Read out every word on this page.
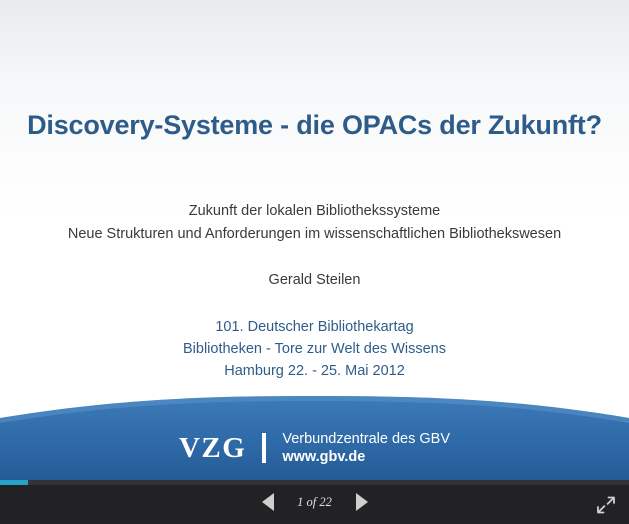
Discovery-Systeme - die OPACs der Zukunft?
Zukunft der lokalen Bibliothekssysteme
Neue Strukturen und Anforderungen im wissenschaftlichen Bibliothekswesen
Gerald Steilen
101. Deutscher Bibliothekartag
Bibliotheken - Tore zur Welt des Wissens
Hamburg 22. - 25. Mai 2012
VZG Verbundzentrale des GBV
www.gbv.de
1 of 22
